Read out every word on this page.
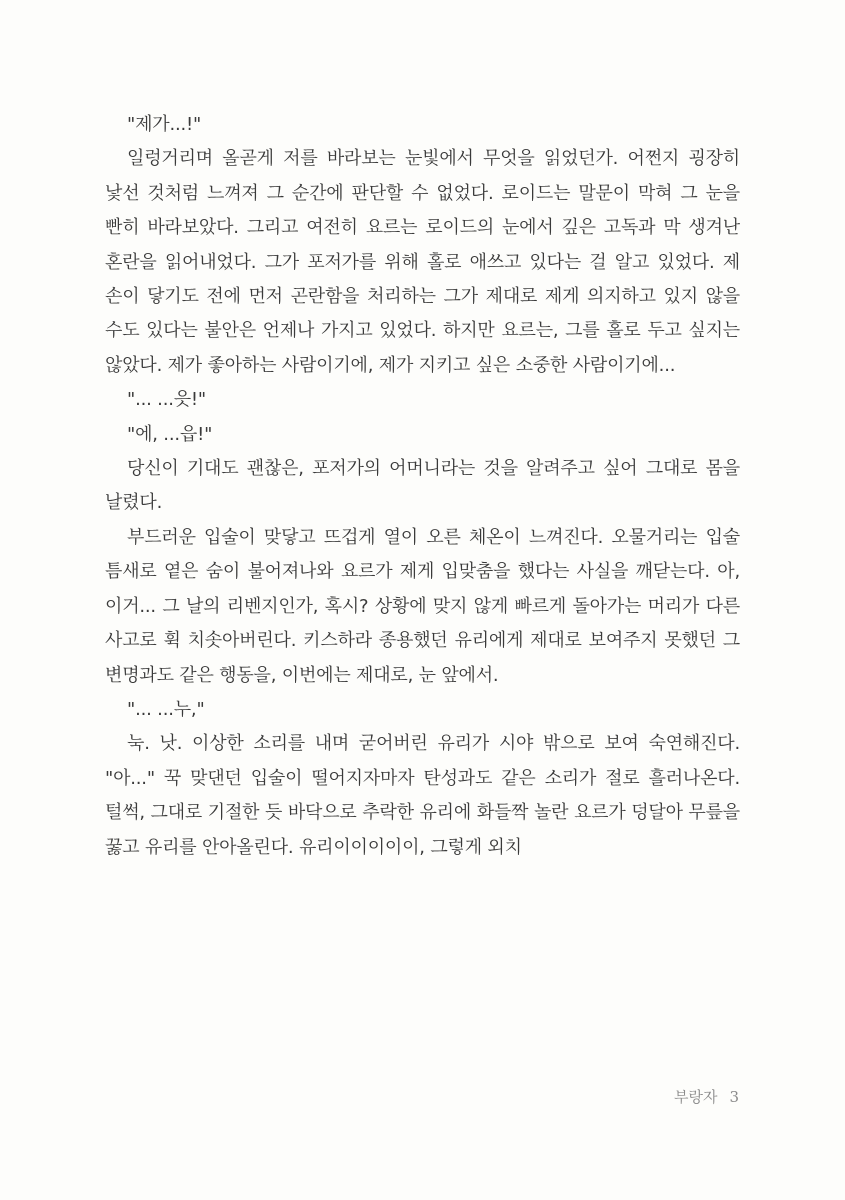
"제가...!"

일렁거리며 올곧게 저를 바라보는 눈빛에서 무엇을 읽었던가. 어쩐지 굉장히 낯선 것처럼 느껴져 그 순간에 판단할 수 없었다. 로이드는 말문이 막혀 그 눈을 빤히 바라보았다. 그리고 여전히 요르는 로이드의 눈에서 깊은 고독과 막 생겨난 혼란을 읽어내었다. 그가 포저가를 위해 홀로 애쓰고 있다는 걸 알고 있었다. 제 손이 닿기도 전에 먼저 곤란함을 처리하는 그가 제대로 제게 의지하고 있지 않을 수도 있다는 불안은 언제나 가지고 있었다. 하지만 요르는, 그를 홀로 두고 싶지는 않았다. 제가 좋아하는 사람이기에, 제가 지키고 싶은 소중한 사람이기에...

"... ...읏!"

"에, ...읍!"

당신이 기대도 괜찮은, 포저가의 어머니라는 것을 알려주고 싶어 그대로 몸을 날렸다.

부드러운 입술이 맞닿고 뜨겁게 열이 오른 체온이 느껴진다. 오물거리는 입술 틈새로 옅은 숨이 불어져나와 요르가 제게 입맞춤을 했다는 사실을 깨닫는다. 아, 이거... 그 날의 리벤지인가, 혹시? 상황에 맞지 않게 빠르게 돌아가는 머리가 다른 사고로 휙 치솟아버린다. 키스하라 종용했던 유리에게 제대로 보여주지 못했던 그 변명과도 같은 행동을, 이번에는 제대로, 눈 앞에서.

"... ...누,"

눅. 낫. 이상한 소리를 내며 굳어버린 유리가 시야 밖으로 보여 숙연해진다. "아..." 꾹 맞댄던 입술이 떨어지자마자 탄성과도 같은 소리가 절로 흘러나온다. 털썩, 그대로 기절한 듯 바닥으로 추락한 유리에 화들짝 놀란 요르가 덩달아 무릎을 꿇고 유리를 안아올린다. 유리이이이이이, 그렇게 외치

부랑자 3
